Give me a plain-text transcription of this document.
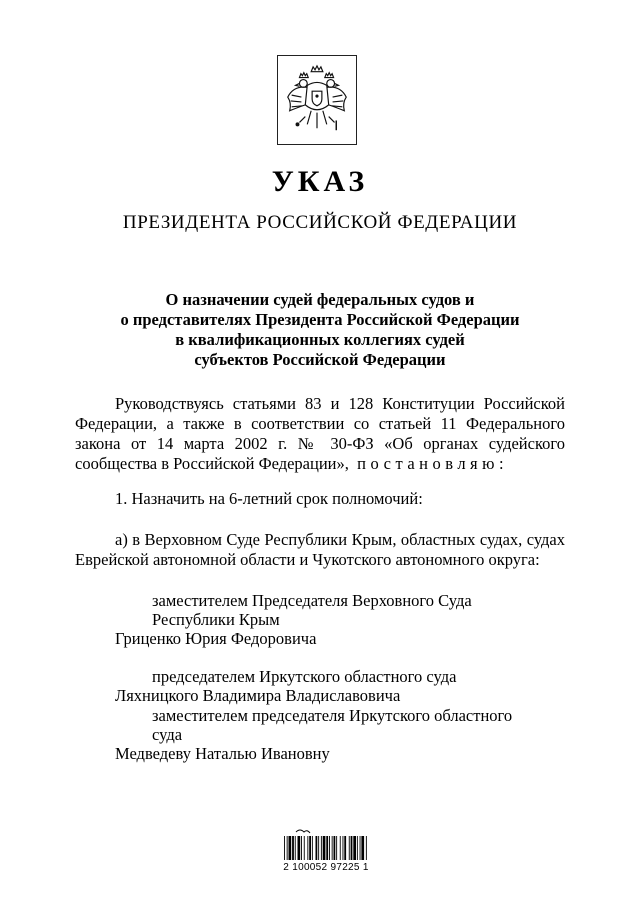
УКАЗ
ПРЕЗИДЕНТА РОССИЙСКОЙ ФЕДЕРАЦИИ
О назначении судей федеральных судов и
о представителях Президента Российской Федерации
в квалификационных коллегиях судей
субъектов Российской Федерации
Руководствуясь статьями 83 и 128 Конституции Российской
Федерации, а также в соответствии со статьей 11 Федерального
закона от 14 марта 2002 г. № 30-ФЗ «Об органах судейского
сообщества в Российской Федерации», постановляю:
1. Назначить на 6-летний срок полномочий:
а) в Верховном Суде Республики Крым, областных судах, судах
Еврейской автономной области и Чукотского автономного округа:
заместителем Председателя Верховного Суда
Республики Крым
Гриценко Юрия Федоровича
председателем Иркутского областного суда
Ляхницкого Владимира Владиславовича
заместителем председателя Иркутского областного
суда
Медведеву Наталью Ивановну
2 100052 97225 1
